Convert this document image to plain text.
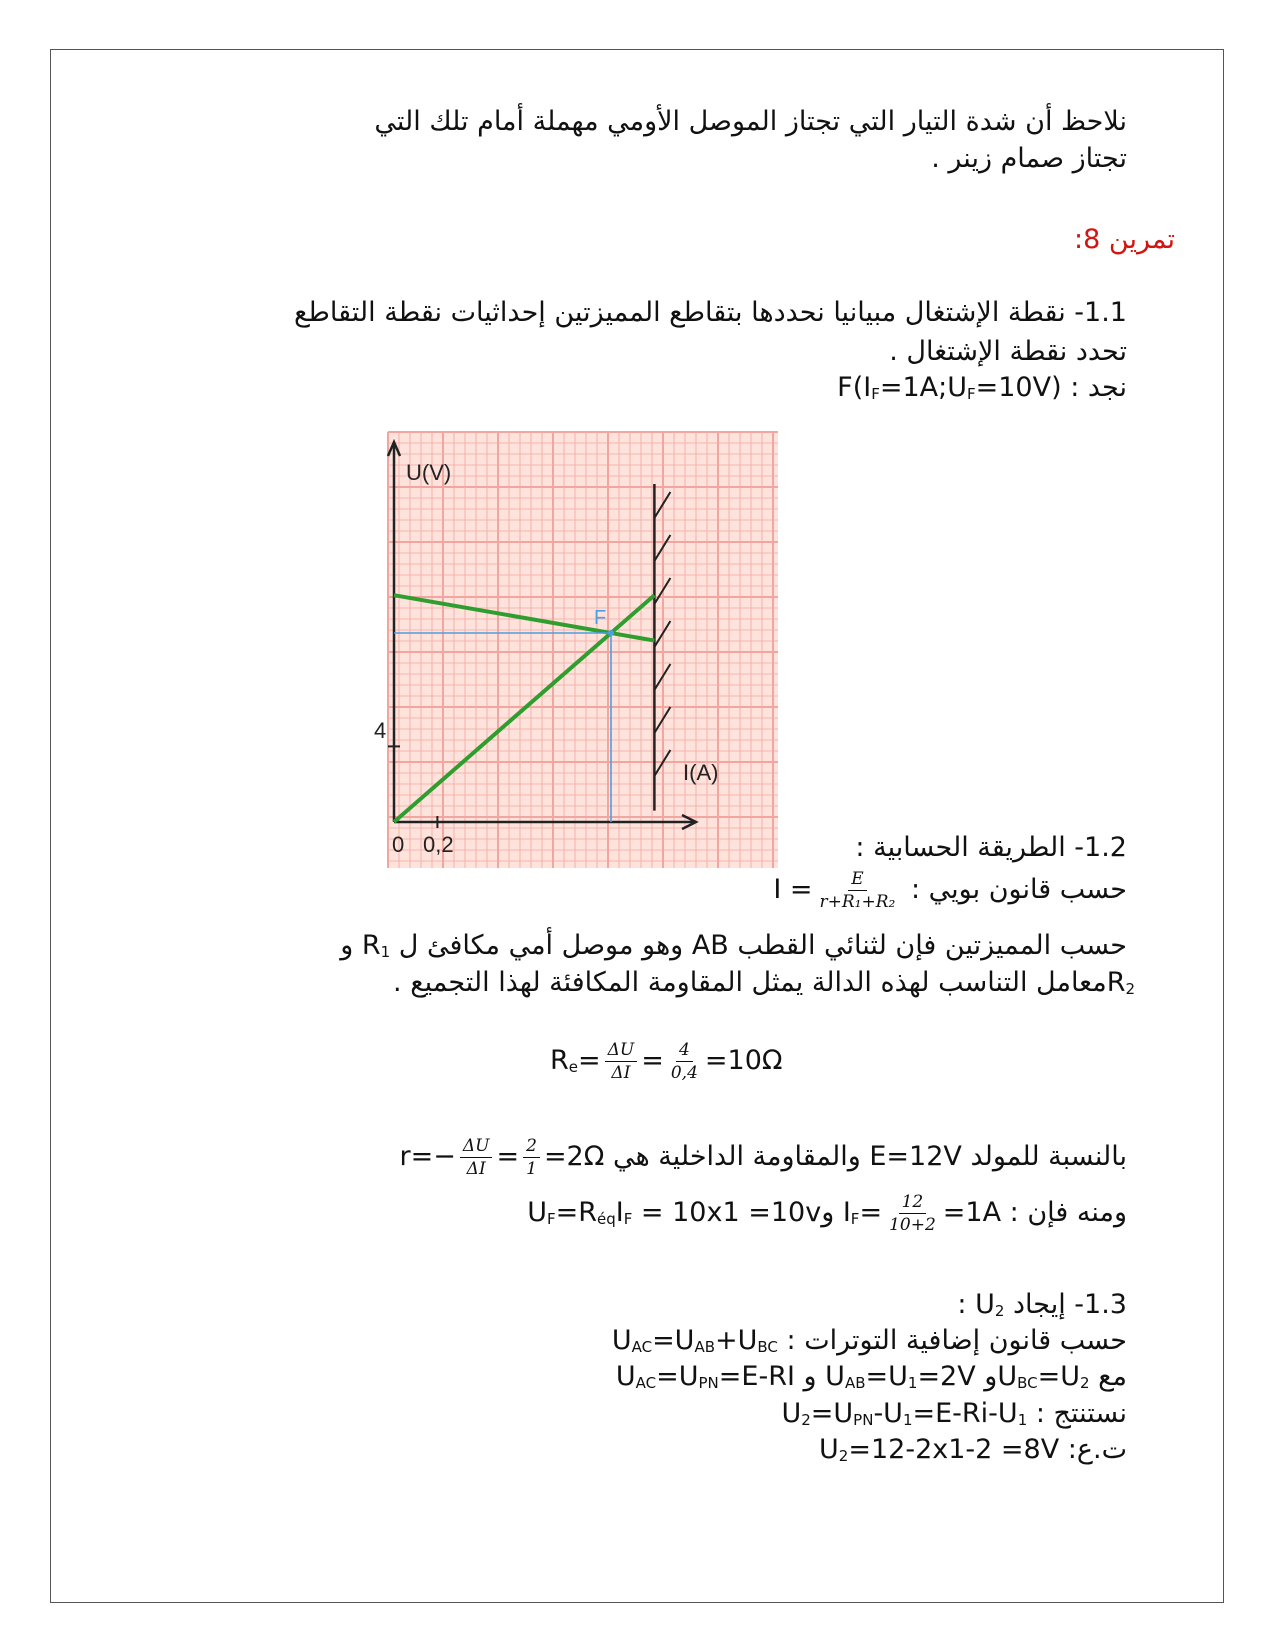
نلاحظ أن شدة التيار التي تجتاز الموصل الأومي مهملة أمام تلك التي
تجتاز صمام زينر .
تمرين 8:
1.1- نقطة الإشتغال مبيانيا نحددها بتقاطع المميزتين إحداثيات نقطة التقاطع
تحدد نقطة الإشتغال .
نجد : $F(I_F=1A;U_F=10V)$
U(V)
I(A)
0 0,2
4
F
1.2- الطريقة الحسابية :
حسب قانون بويي : $I = \frac{E}{\text{r+R₁+R₂}}$
حسب المميزتين فإن لثنائي القطب AB وهو موصل أمي مكافئ ل $R_1$ و
$R_2معامل$ التناسب لهذه الدالة يمثل المقاومة المكافئة لهذا التجميع .
$R_e= \frac{\Delta U}{\Delta I} = \frac{4}{0,4} =10\Omega$
بالنسبة للمولد E=12V والمقاومة الداخلية هي $r=- \frac{\Delta U}{\Delta I} = \frac{2}{1} =2\Omega$
ومنه فإن : $I_F= \frac{12}{10+2} =1A$ $وU_F=R_{éq}I_F = 10x1 =10v$
1.3- إيجاد $U_2$ :
حسب قانون إضافية التوترات : $U_{AC}=U_{AB}+U_{BC}$
مع $U_{AC}=U_{PN}=E-RI$ و $U_{AB}=U_1=2V$ $وU_{BC}=U_2$
نستنتج : $U_2=U_{PN}-U_1=E-Ri-U_1$
ت.ع: $U_2=12-2x1-2 =8V$
